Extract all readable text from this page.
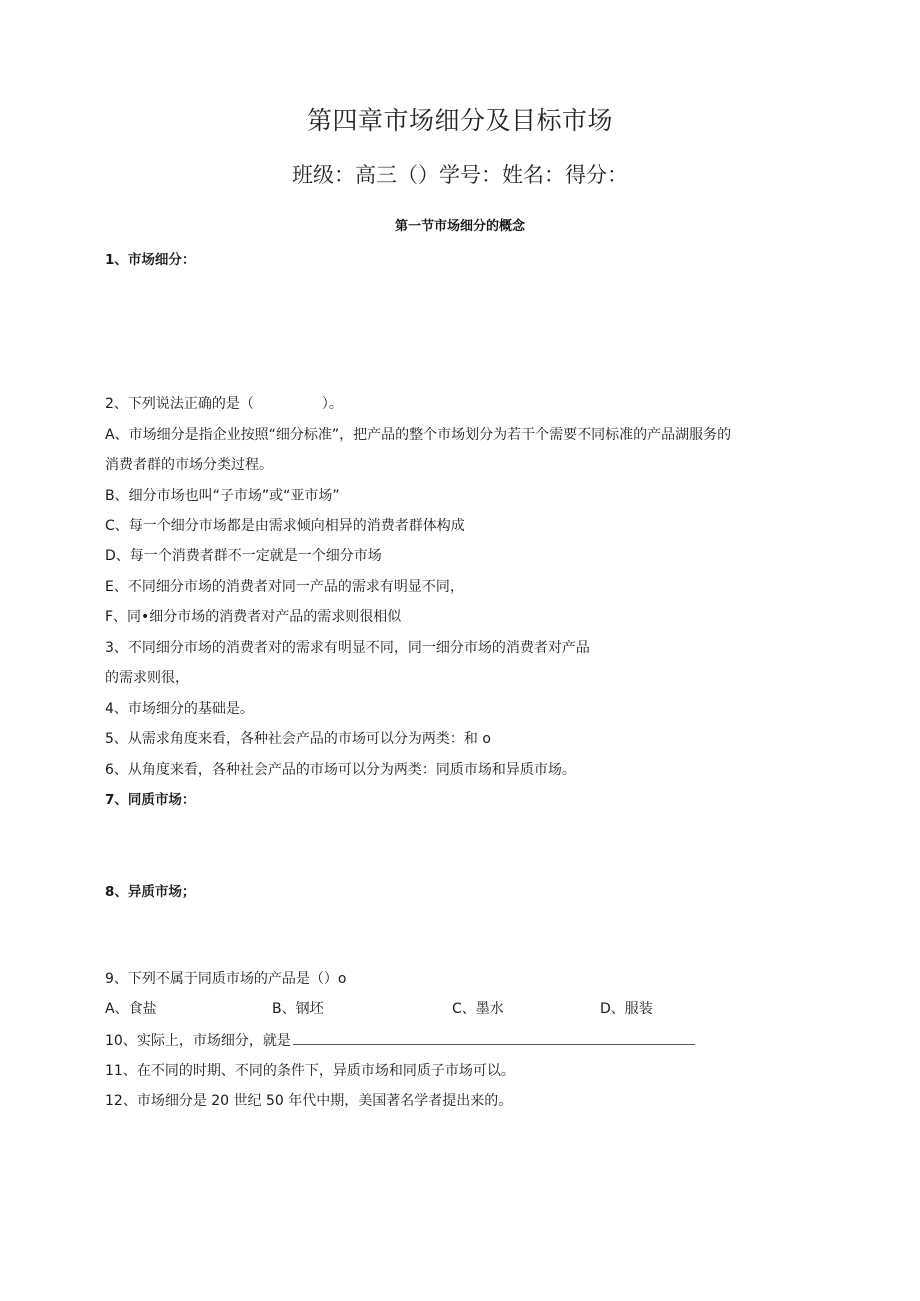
第四章市场细分及目标市场
班级：高三（）学号：姓名：得分：
第一节市场细分的概念
1、市场细分：
2、下列说法正确的是（	）。
A、市场细分是指企业按照“细分标准”，把产品的整个市场划分为若干个需要不同标准的产品湖服务的
消费者群的市场分类过程。
B、细分市场也叫“子市场”或“亚市场”
C、每一个细分市场都是由需求倾向相异的消费者群体构成
D、每一个消费者群不一定就是一个细分市场
E、不同细分市场的消费者对同一产品的需求有明显不同，
F、同•细分市场的消费者对产品的需求则很相似
3、不同细分市场的消费者对的需求有明显不同，同一细分市场的消费者对产品
的需求则很，
4、市场细分的基础是。
5、从需求角度来看，各种社会产品的市场可以分为两类：和 o
6、从角度来看，各种社会产品的市场可以分为两类：同质市场和异质市场。
7、同质市场：
8、异质市场；
9、下列不属于同质市场的产品是（）o
A、食盐	B、钢坯	C、墨水	D、服装
10、实际上，市场细分，就是
11、在不同的时期、不同的条件下，异质市场和同质子市场可以。
12、市场细分是 20 世纪 50 年代中期，美国著名学者提出来的。
